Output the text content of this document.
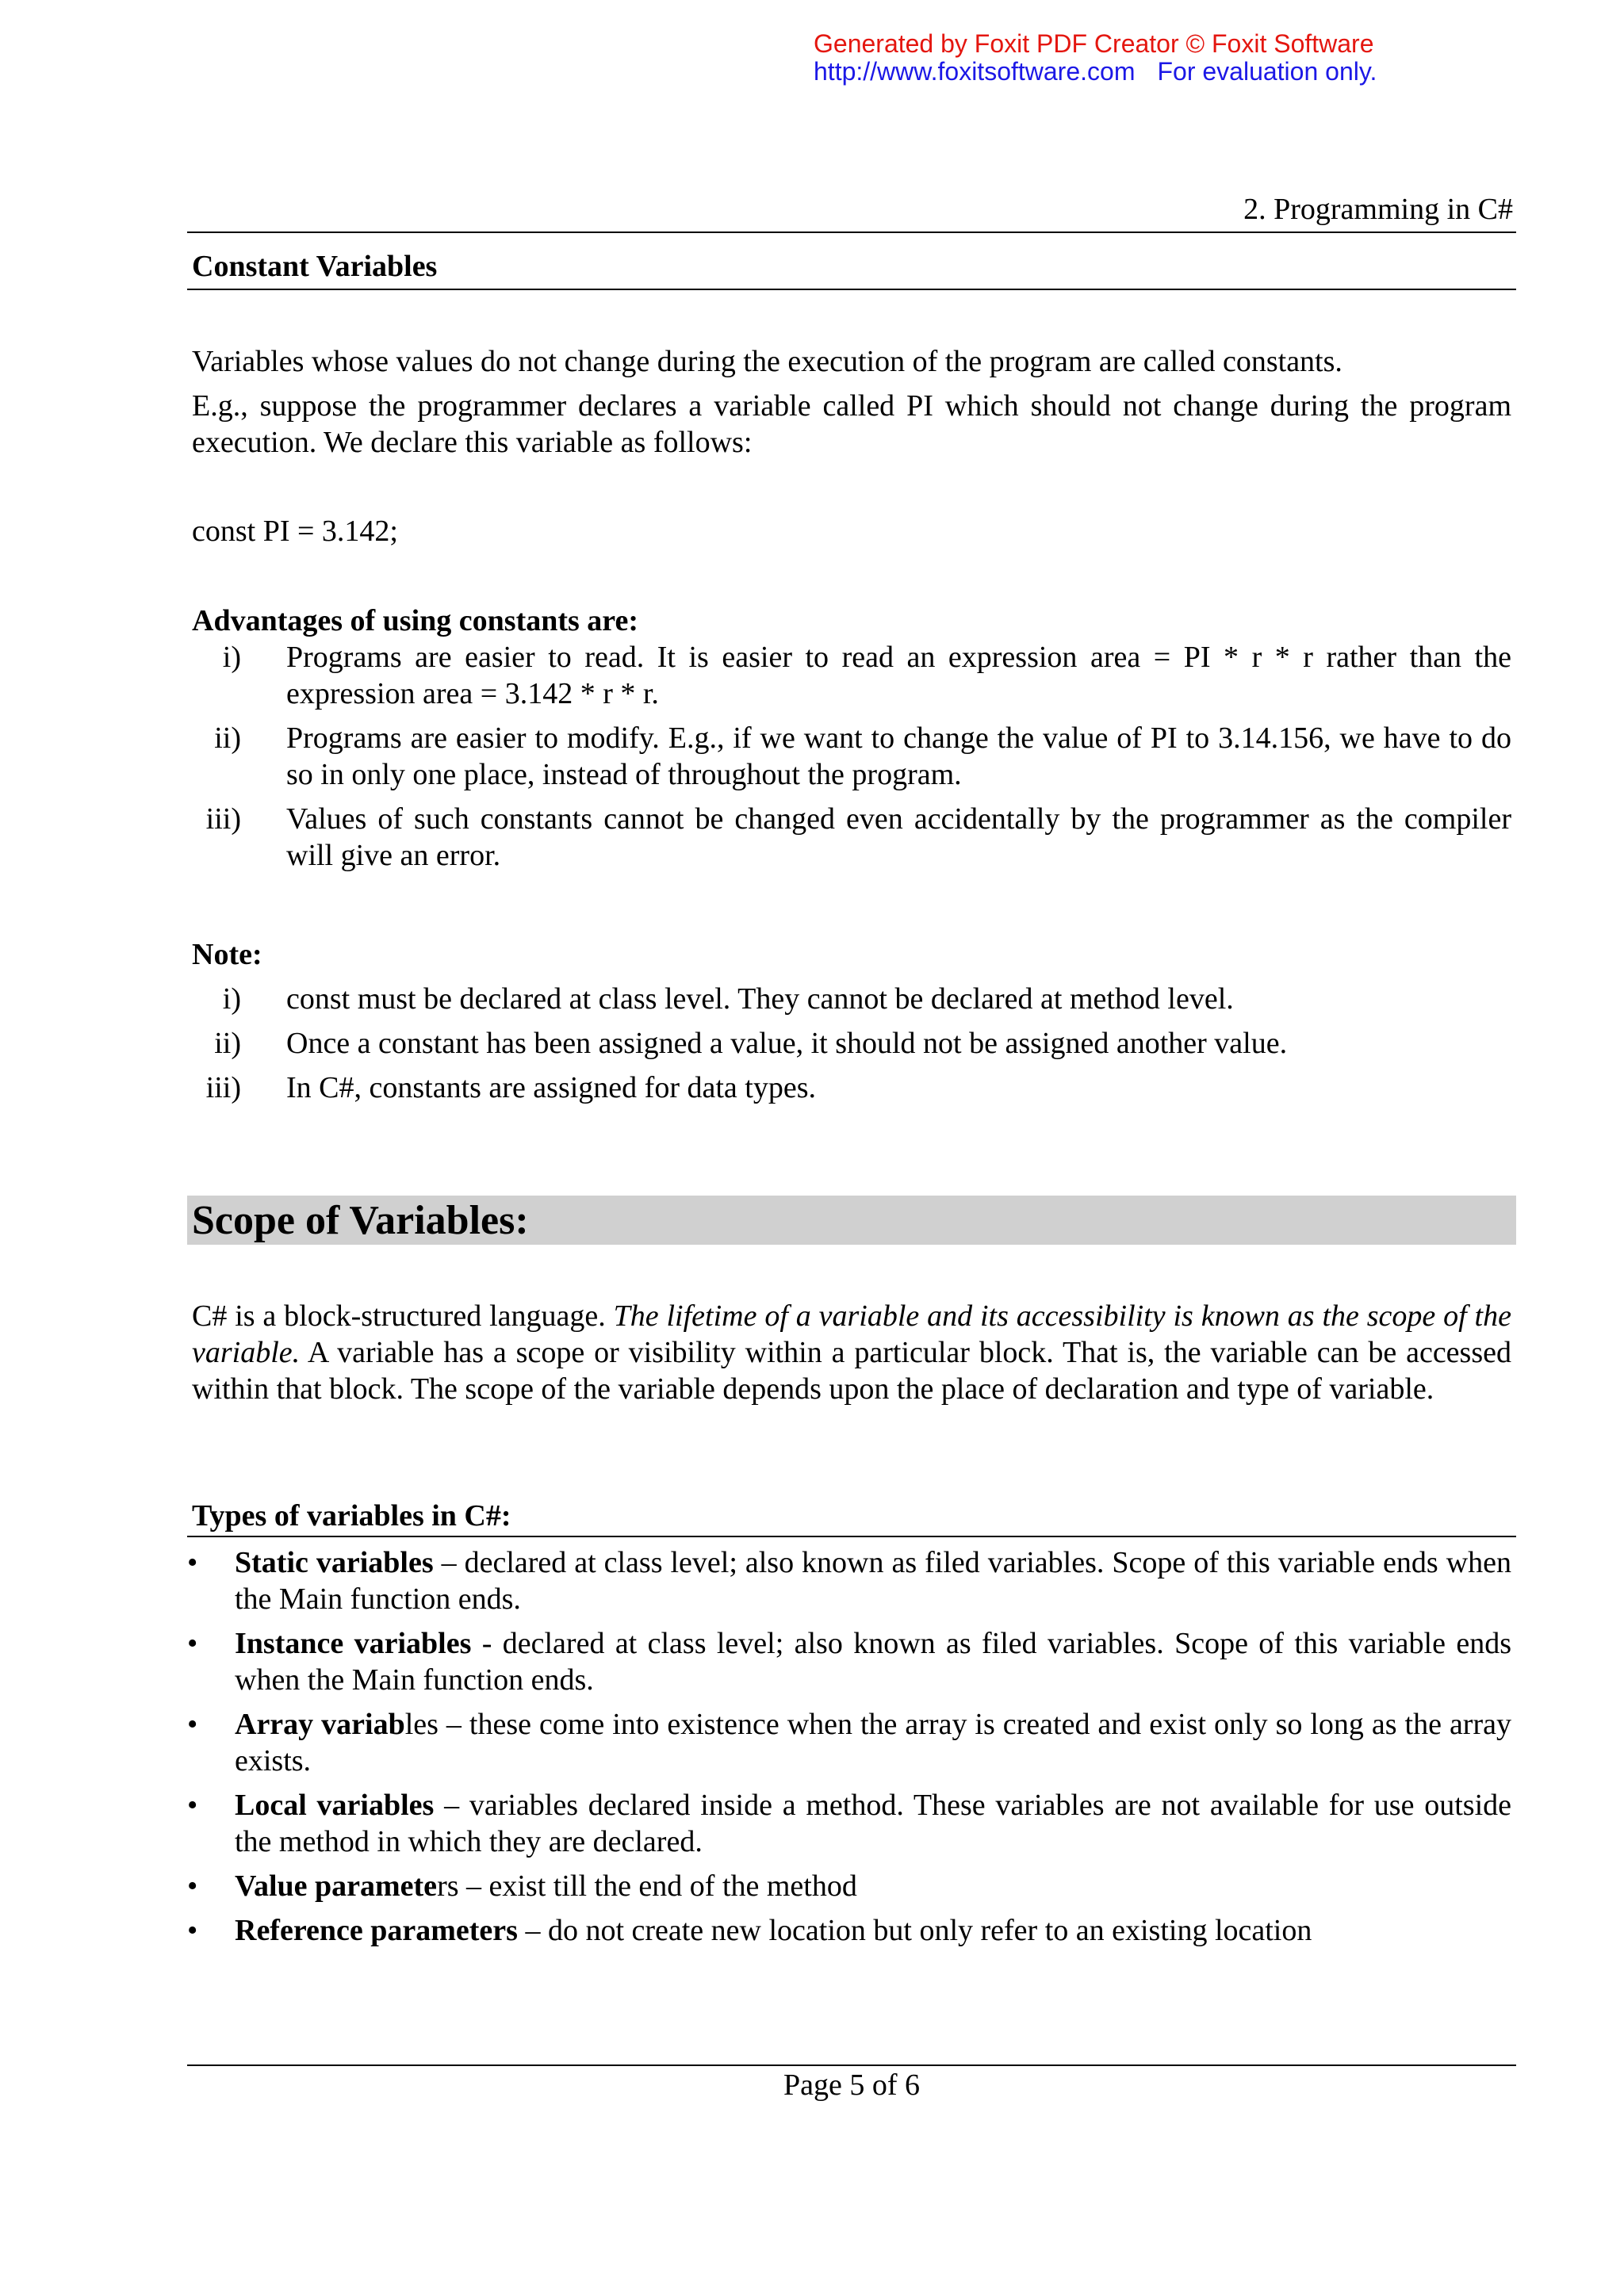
Generated by Foxit PDF Creator © Foxit Software
http://www.foxitsoftware.com For evaluation only.
2. Programming in C#
Constant Variables

Variables whose values do not change during the execution of the program are called constants.

E.g., suppose the programmer declares a variable called PI which should not change during the program execution. We declare this variable as follows:

const PI = 3.142;

Advantages of using constants are:

i) Programs are easier to read. It is easier to read an expression area = PI * r * r rather than the expression area = 3.142 * r * r.
ii) Programs are easier to modify. E.g., if we want to change the value of PI to 3.14.156, we have to do so in only one place, instead of throughout the program.
iii) Values of such constants cannot be changed even accidentally by the programmer as the compiler will give an error.

Note:

i) const must be declared at class level. They cannot be declared at method level.
ii) Once a constant has been assigned a value, it should not be assigned another value.
iii) In C#, constants are assigned for data types.
Scope of Variables:

C# is a block-structured language. The lifetime of a variable and its accessibility is known as the scope of the variable. A variable has a scope or visibility within a particular block. That is, the variable can be accessed within that block. The scope of the variable depends upon the place of declaration and type of variable.

Types of variables in C#:

• Static variables – declared at class level; also known as filed variables. Scope of this variable ends when the Main function ends.
• Instance variables - declared at class level; also known as filed variables. Scope of this variable ends when the Main function ends.
• Array variables – these come into existence when the array is created and exist only so long as the array exists.
• Local variables – variables declared inside a method. These variables are not available for use outside the method in which they are declared.
• Value parameters – exist till the end of the method
• Reference parameters – do not create new location but only refer to an existing location
Page 5 of 6
